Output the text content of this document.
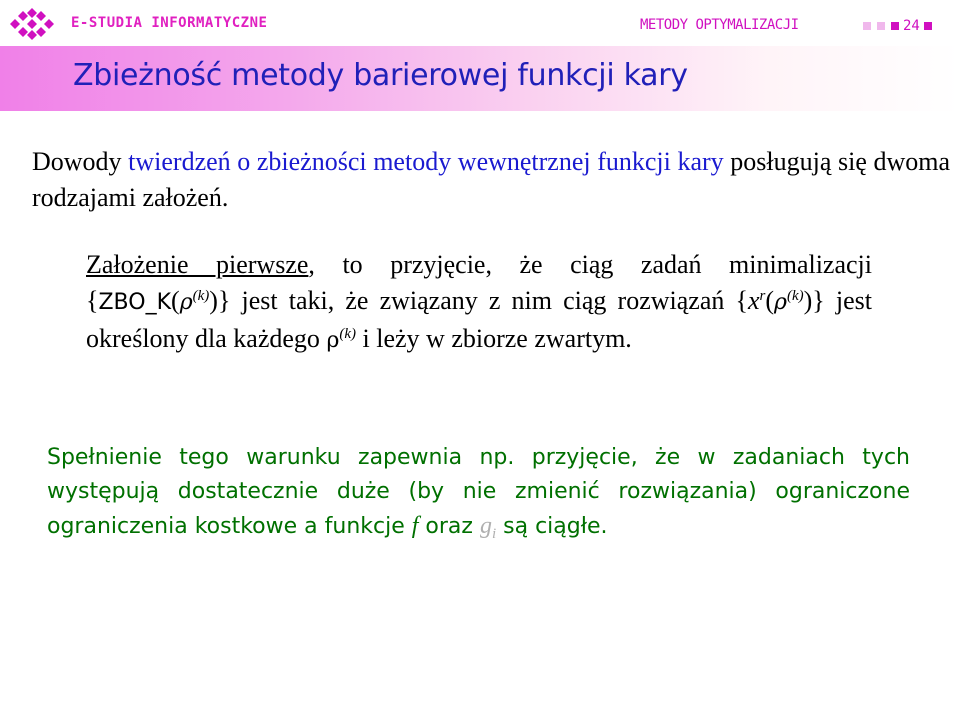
E-STUDIA INFORMATYCZNE	METODY OPTYMALIZACJI	24
Zbieżność metody barierowej funkcji kary
Dowody twierdzeń o zbieżności metody wewnętrznej funkcji kary posługują się dwoma rodzajami założeń.
Założenie pierwsze, to przyjęcie, że ciąg zadań minimalizacji $\{ZBO\_K(\rho^{(k)})\}$ jest taki, że związany z nim ciąg rozwiązań $\{x^r(\rho^{(k)})\}$ jest określony dla każdego $\rho^{(k)}$ i leży w zbiorze zwartym.
Spełnienie tego warunku zapewnia np. przyjęcie, że w zadaniach tych występują dostatecznie duże (by nie zmienić rozwiązania) ograniczone ograniczenia kostkowe a funkcje f oraz $g_i$ są ciągłe.
